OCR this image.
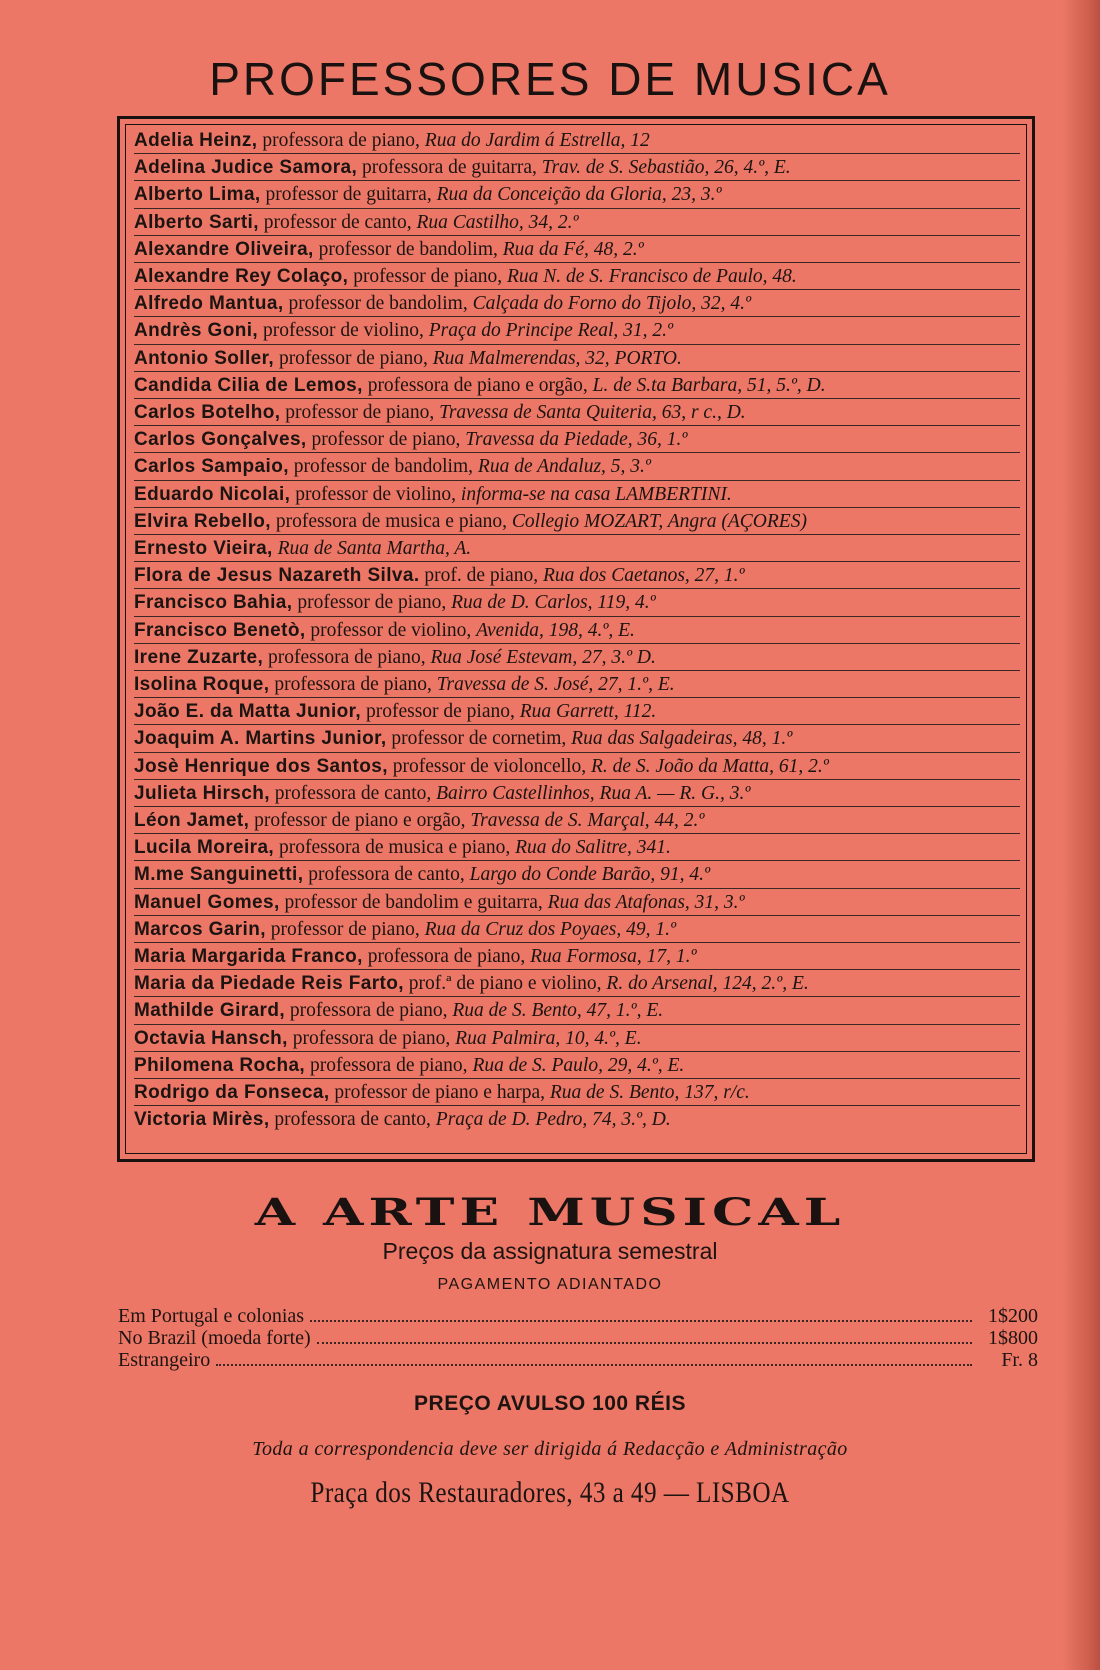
PROFESSORES DE MUSICA
Adelia Heinz, professora de piano, Rua do Jardim á Estrella, 12
Adelina Judice Samora, professora de guitarra, Trav. de S. Sebastião, 26, 4.º, E.
Alberto Lima, professor de guitarra, Rua da Conceição da Gloria, 23, 3.º
Alberto Sarti, professor de canto, Rua Castilho, 34, 2.º
Alexandre Oliveira, professor de bandolim, Rua da Fé, 48, 2.º
Alexandre Rey Colaço, professor de piano, Rua N. de S. Francisco de Paulo, 48.
Alfredo Mantua, professor de bandolim, Calçada do Forno do Tijolo, 32, 4.º
Andrès Goni, professor de violino, Praça do Principe Real, 31, 2.º
Antonio Soller, professor de piano, Rua Malmerendas, 32, PORTO.
Candida Cilia de Lemos, professora de piano e orgão, L. de S.ta Barbara, 51, 5.º, D.
Carlos Botelho, professor de piano, Travessa de Santa Quiteria, 63, r c., D.
Carlos Gonçalves, professor de piano, Travessa da Piedade, 36, 1.º
Carlos Sampaio, professor de bandolim, Rua de Andaluz, 5, 3.º
Eduardo Nicolai, professor de violino, informa-se na casa LAMBERTINI.
Elvira Rebello, professora de musica e piano, Collegio MOZART, Angra (AÇORES)
Ernesto Vieira, Rua de Santa Martha, A.
Flora de Jesus Nazareth Silva. prof. de piano, Rua dos Caetanos, 27, 1.º
Francisco Bahia, professor de piano, Rua de D. Carlos, 119, 4.º
Francisco Benetò, professor de violino, Avenida, 198, 4.º, E.
Irene Zuzarte, professora de piano, Rua José Estevam, 27, 3.º D.
Isolina Roque, professora de piano, Travessa de S. José, 27, 1.º, E.
João E. da Matta Junior, professor de piano, Rua Garrett, 112.
Joaquim A. Martins Junior, professor de cornetim, Rua das Salgadeiras, 48, 1.º
Josè Henrique dos Santos, professor de violoncello, R. de S. João da Matta, 61, 2.º
Julieta Hirsch, professora de canto, Bairro Castellinhos, Rua A. — R. G., 3.º
Léon Jamet, professor de piano e orgão, Travessa de S. Marçal, 44, 2.º
Lucila Moreira, professora de musica e piano, Rua do Salitre, 341.
M.me Sanguinetti, professora de canto, Largo do Conde Barão, 91, 4.º
Manuel Gomes, professor de bandolim e guitarra, Rua das Atafonas, 31, 3.º
Marcos Garin, professor de piano, Rua da Cruz dos Poyaes, 49, 1.º
Maria Margarida Franco, professora de piano, Rua Formosa, 17, 1.º
Maria da Piedade Reis Farto, prof.ª de piano e violino, R. do Arsenal, 124, 2.º, E.
Mathilde Girard, professora de piano, Rua de S. Bento, 47, 1.º, E.
Octavia Hansch, professora de piano, Rua Palmira, 10, 4.º, E.
Philomena Rocha, professora de piano, Rua de S. Paulo, 29, 4.º, E.
Rodrigo da Fonseca, professor de piano e harpa, Rua de S. Bento, 137, r/c.
Victoria Mirès, professora de canto, Praça de D. Pedro, 74, 3.º, D.
A ARTE MUSICAL
Preços da assignatura semestral
PAGAMENTO ADIANTADO
Em Portugal e colonias	1$200
No Brazil (moeda forte)	1$800
Estrangeiro	Fr. 8
PREÇO AVULSO 100 RÉIS
Toda a correspondencia deve ser dirigida á Redacção e Administração
Praça dos Restauradores, 43 a 49 — LISBOA
